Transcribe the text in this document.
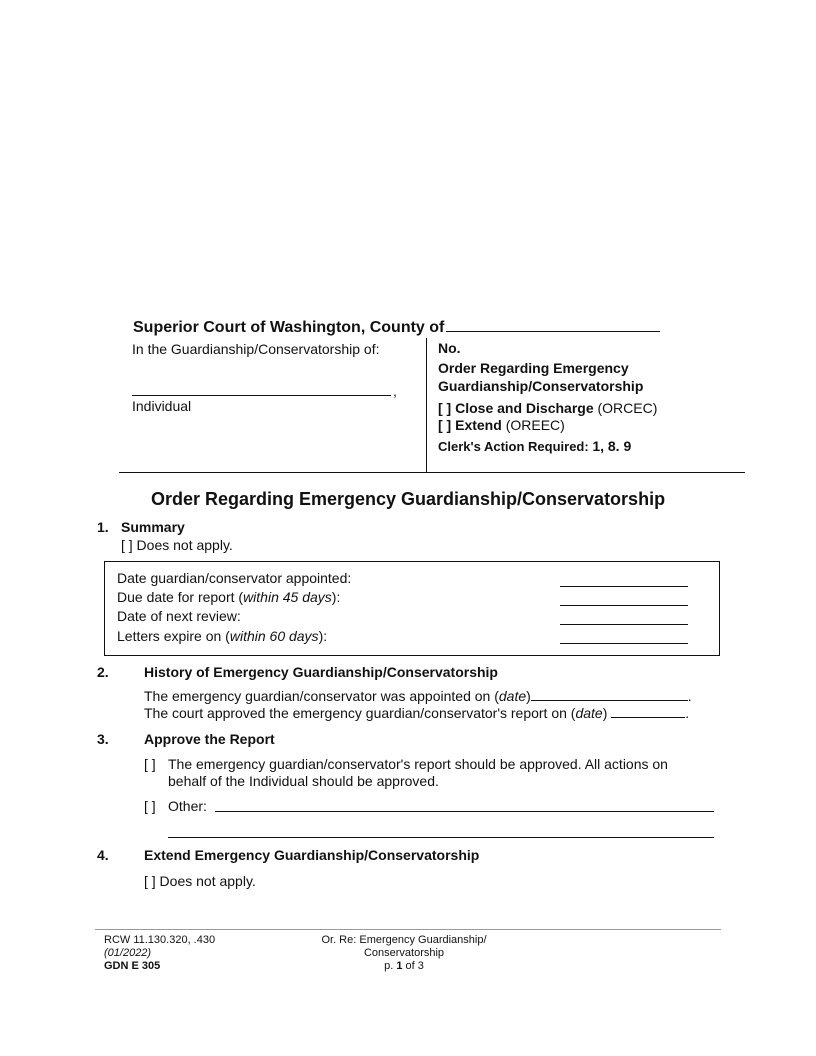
Superior Court of Washington, County of
In the Guardianship/Conservatorship of:
,
Individual
No.
Order Regarding Emergency
Guardianship/Conservatorship
[ ] Close and Discharge (ORCEC)
[ ] Extend (OREEC)
Clerk's Action Required: 1, 8. 9
Order Regarding Emergency Guardianship/Conservatorship
1. Summary
[ ] Does not apply.
Date guardian/conservator appointed:
Due date for report (within 45 days):
Date of next review:
Letters expire on (within 60 days):
2.	History of Emergency Guardianship/Conservatorship
The emergency guardian/conservator was appointed on (date)	.
The court approved the emergency guardian/conservator's report on (date)	.
3.	Approve the Report
[ ] The emergency guardian/conservator's report should be approved. All actions on
behalf of the Individual should be approved.
[ ] Other:
4.	Extend Emergency Guardianship/Conservatorship
[ ] Does not apply.
RCW 11.130.320, .430
(01/2022)
GDN E 305
Or. Re: Emergency Guardianship/
Conservatorship
p. 1 of 3
